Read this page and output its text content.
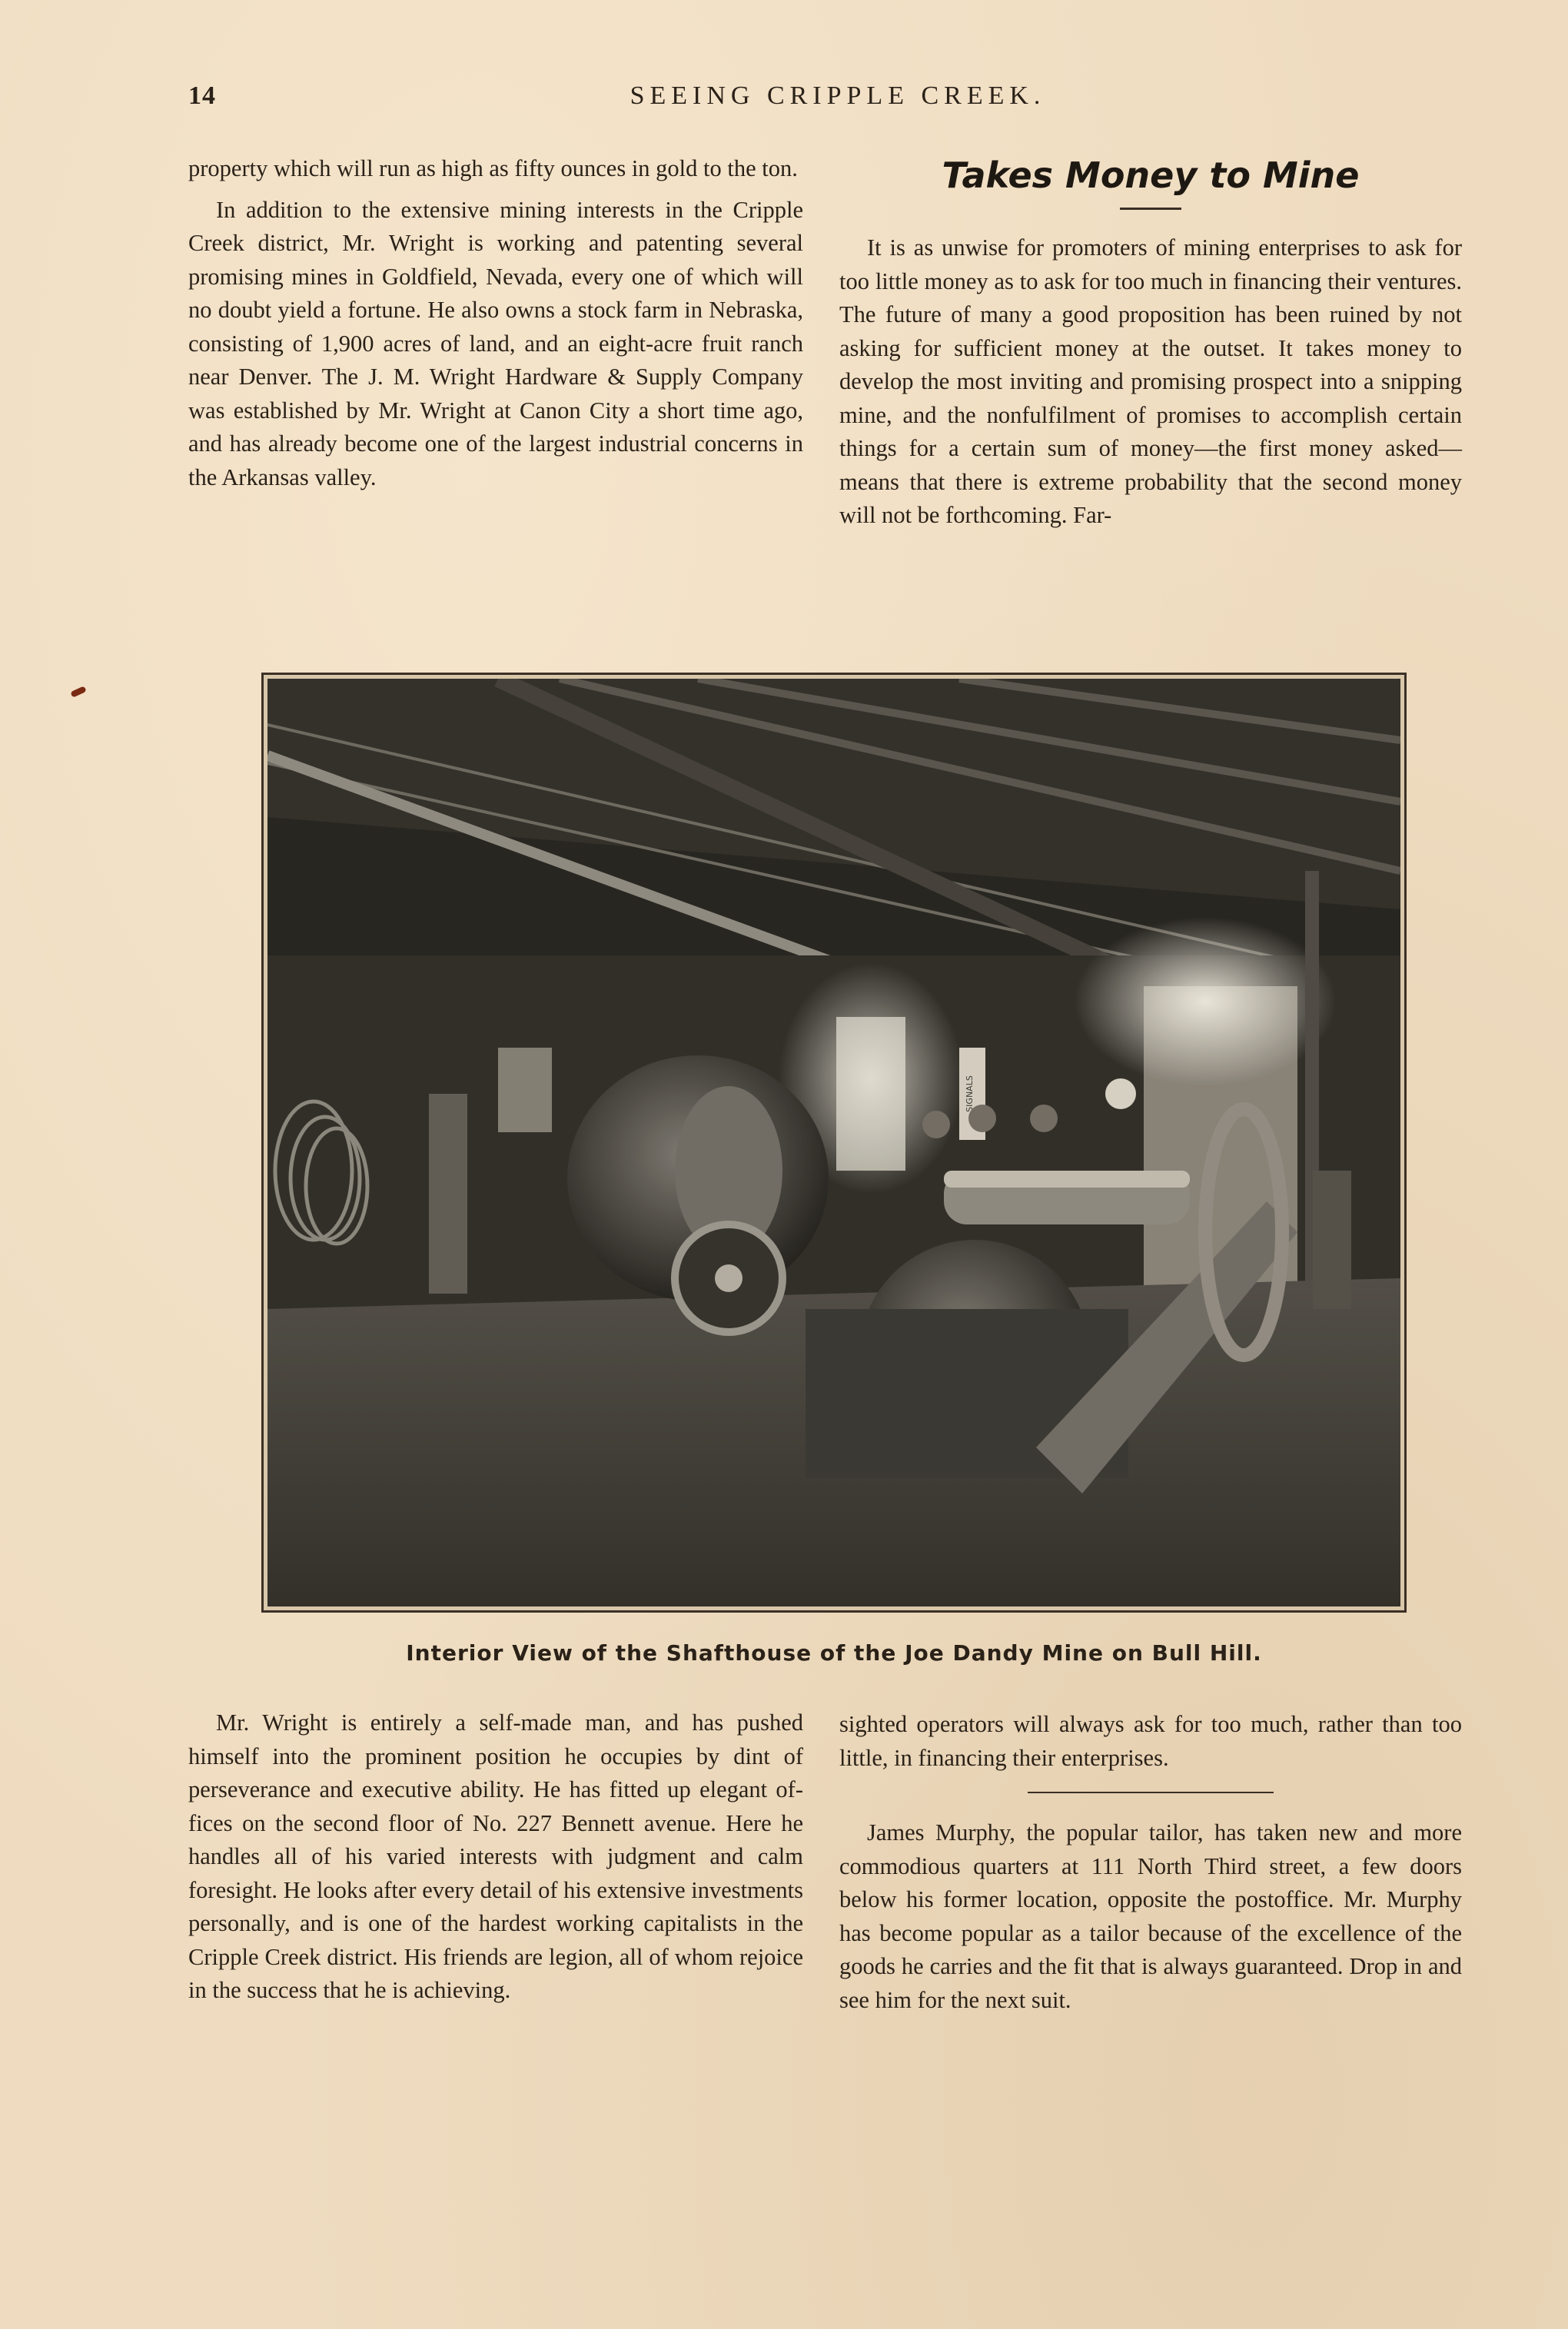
14	SEEING CRIPPLE CREEK.

property which will run as high as fifty ounces in gold to the ton.

In addition to the extensive mining interests in the Cripple Creek district, Mr. Wright is working and patenting several promising mines in Goldfield, Nevada, every one of which will no doubt yield a fortune. He also owns a stock farm in Nebraska, consisting of 1,900 acres of land, and an eight-acre fruit ranch near Denver. The J. M. Wright Hardware & Supply Company was established by Mr. Wright at Canon City a short time ago, and has already become one of the largest industrial concerns in the Arkansas valley.

Takes Money to Mine

It is as unwise for promoters of mining enterprises to ask for too little money as to ask for too much in financing their ventures. The future of many a good proposition has been ruined by not asking for sufficient money at the outset. It takes money to develop the most inviting and promising prospect into a snipping mine, and the nonfulfilment of promises to accomplish certain things for a certain sum of money—the first money asked—means that there is extreme probability that the second money will not be forthcoming. Far-

SIGNALS
Interior View of the Shafthouse of the Joe Dandy Mine on Bull Hill.

Mr. Wright is entirely a self-made man, and has pushed himself into the prominent position he occupies by dint of perseverance and executive ability. He has fitted up elegant offices on the second floor of No. 227 Bennett avenue. Here he handles all of his varied interests with judgment and calm foresight. He looks after every detail of his extensive investments personally, and is one of the hardest working capitalists in the Cripple Creek district. His friends are legion, all of whom rejoice in the success that he is achieving.

sighted operators will always ask for too much, rather than too little, in financing their enterprises.

James Murphy, the popular tailor, has taken new and more commodious quarters at 111 North Third street, a few doors below his former location, opposite the postoffice. Mr. Murphy has become popular as a tailor because of the excellence of the goods he carries and the fit that is always guaranteed. Drop in and see him for the next suit.
